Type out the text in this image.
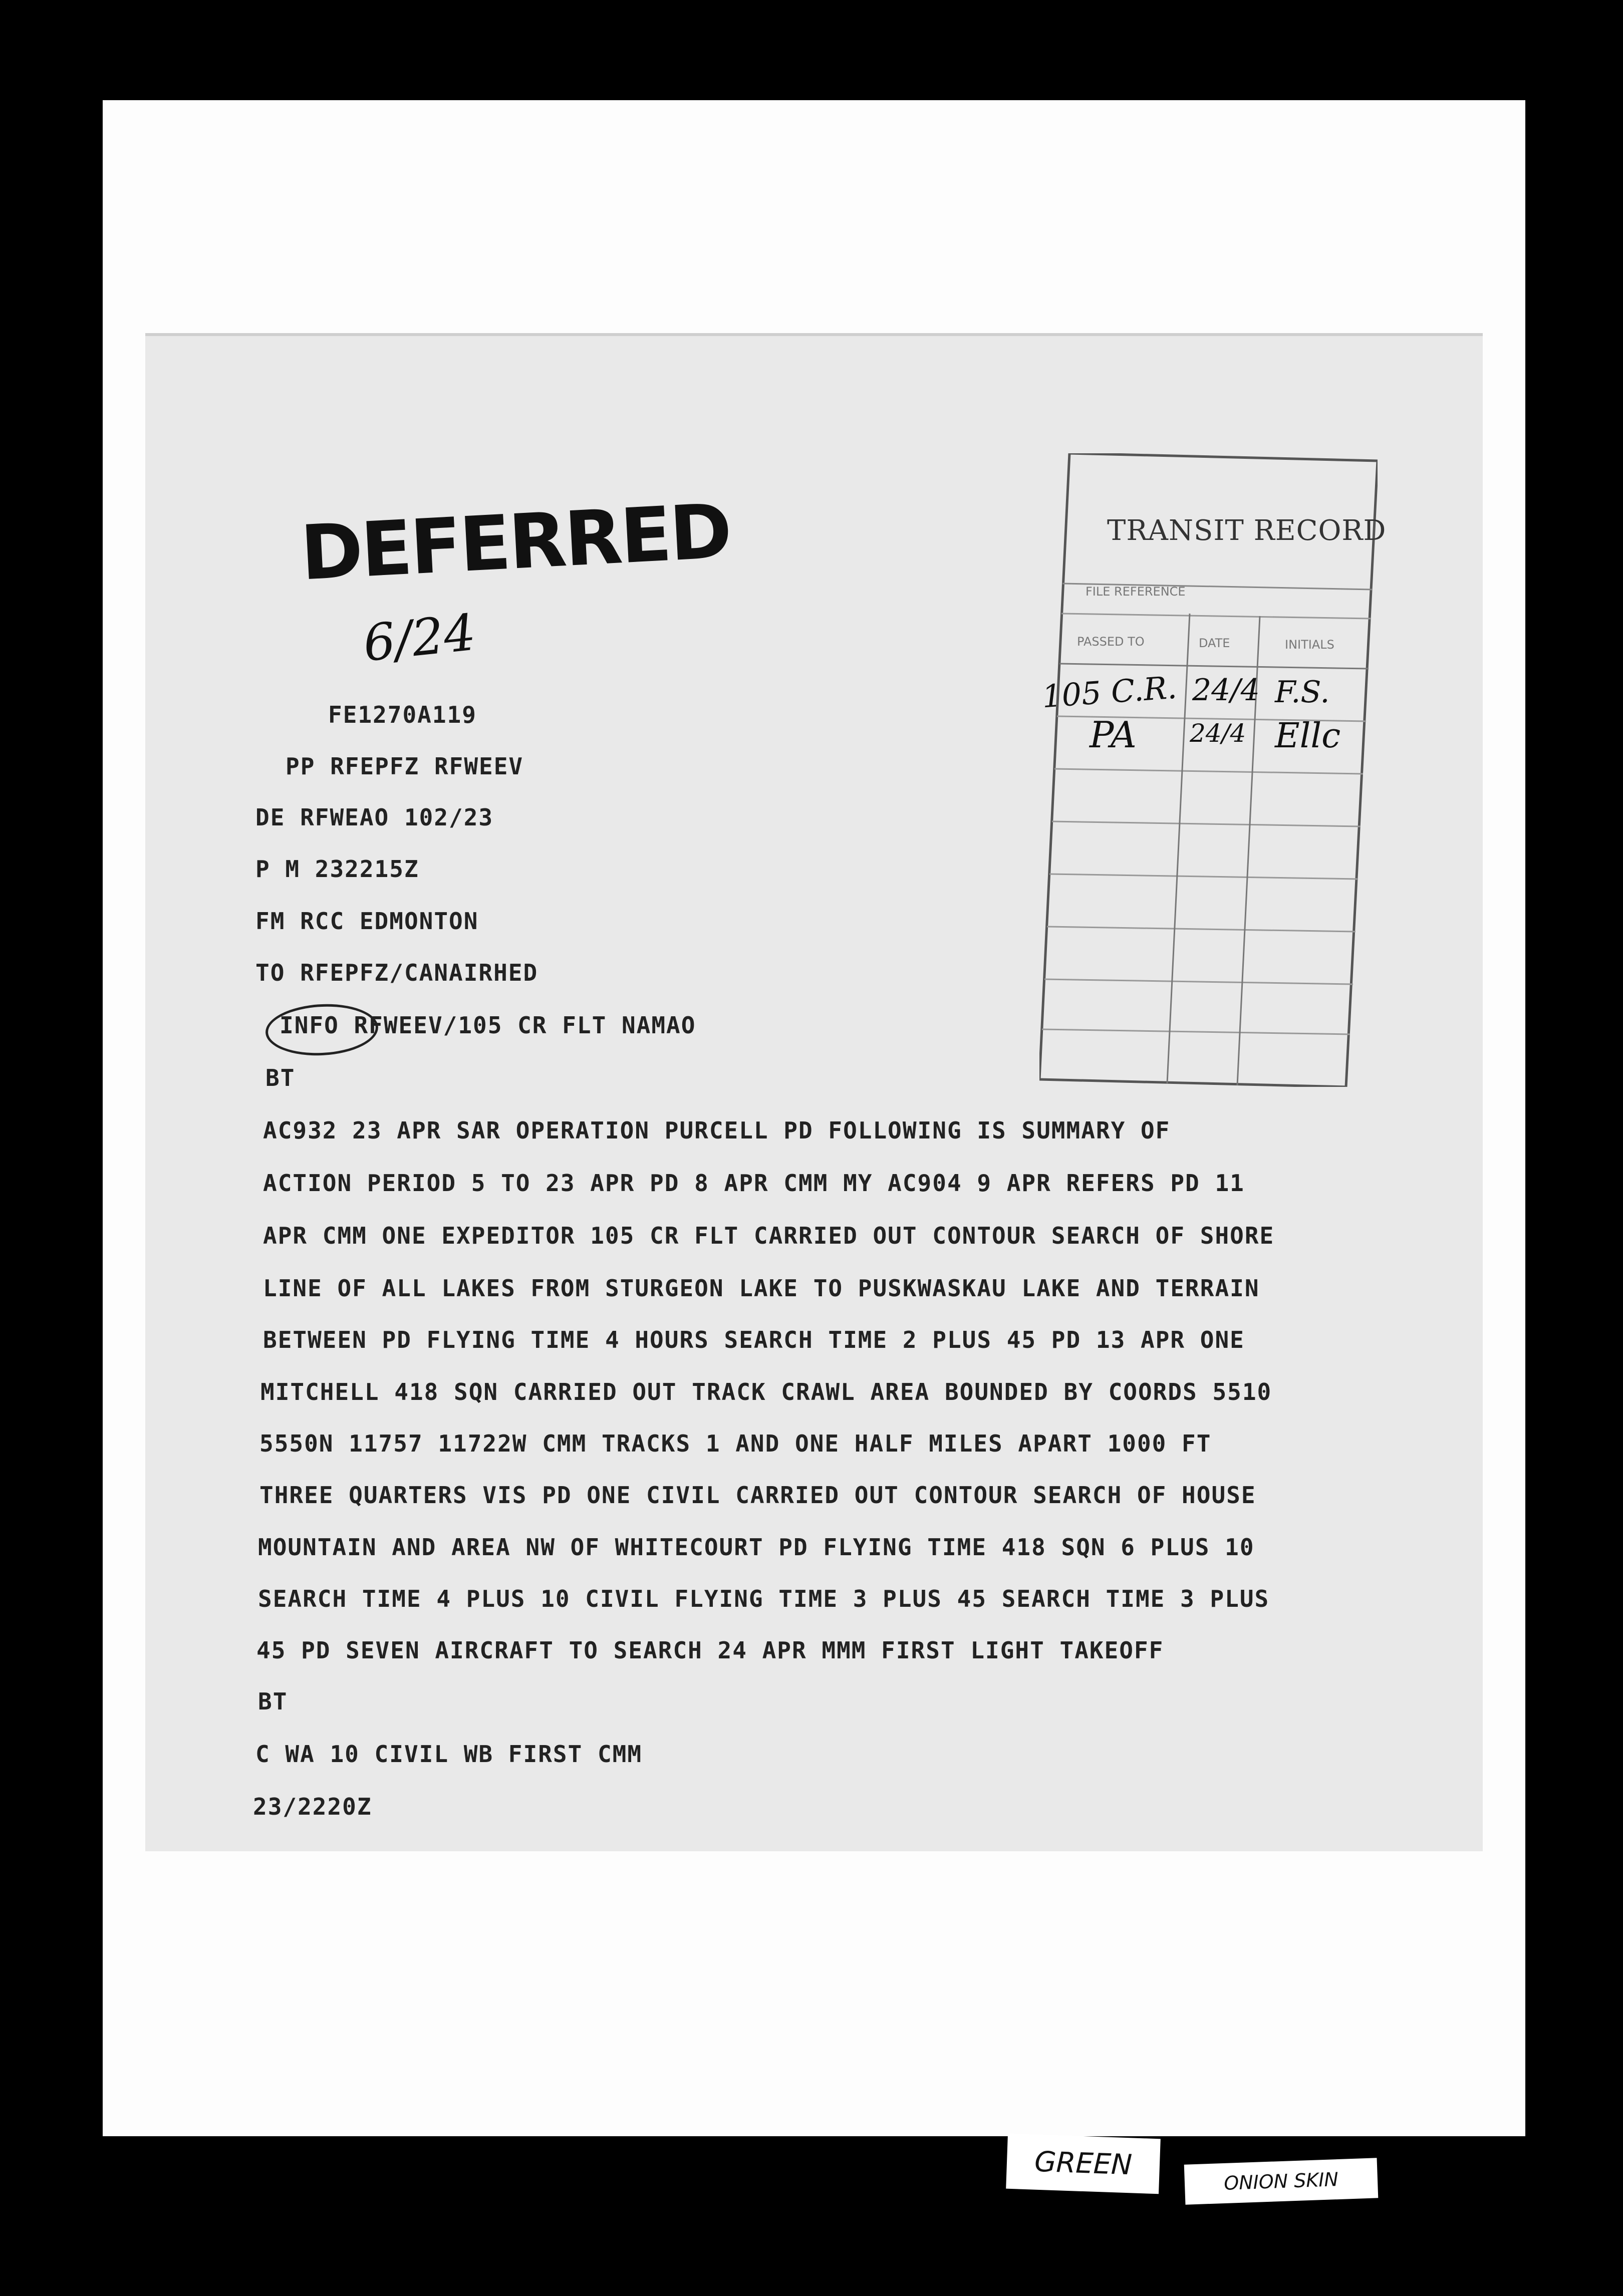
DEFERRED
6/24
FE1270A119
PP RFEPFZ RFWEEV
DE RFWEAO 102/23
P M 232215Z
FM RCC EDMONTON
TO RFEPFZ/CANAIRHED
INFO RFWEEV/105 CR FLT NAMAO
BT
AC932 23 APR SAR OPERATION PURCELL PD FOLLOWING IS SUMMARY OF
ACTION PERIOD 5 TO 23 APR PD 8 APR CMM MY AC904 9 APR REFERS PD 11
APR CMM ONE EXPEDITOR 105 CR FLT CARRIED OUT CONTOUR SEARCH OF SHORE
LINE OF ALL LAKES FROM STURGEON LAKE TO PUSKWASKAU LAKE AND TERRAIN
BETWEEN PD FLYING TIME 4 HOURS SEARCH TIME 2 PLUS 45 PD 13 APR ONE
MITCHELL 418 SQN CARRIED OUT TRACK CRAWL AREA BOUNDED BY COORDS 5510
5550N 11757 11722W CMM TRACKS 1 AND ONE HALF MILES APART 1000 FT
THREE QUARTERS VIS PD ONE CIVIL CARRIED OUT CONTOUR SEARCH OF HOUSE
MOUNTAIN AND AREA NW OF WHITECOURT PD FLYING TIME 418 SQN 6 PLUS 10
SEARCH TIME 4 PLUS 10 CIVIL FLYING TIME 3 PLUS 45 SEARCH TIME 3 PLUS
45 PD SEVEN AIRCRAFT TO SEARCH 24 APR MMM FIRST LIGHT TAKEOFF
BT
C WA 10 CIVIL WB FIRST CMM
23/2220Z
TRANSIT RECORD
FILE REFERENCE
PASSED TO	DATE	INITIALS
105 C.R. 24/4 F.S.
PA 24/4 Ellc
GREEN	ONION SKIN
